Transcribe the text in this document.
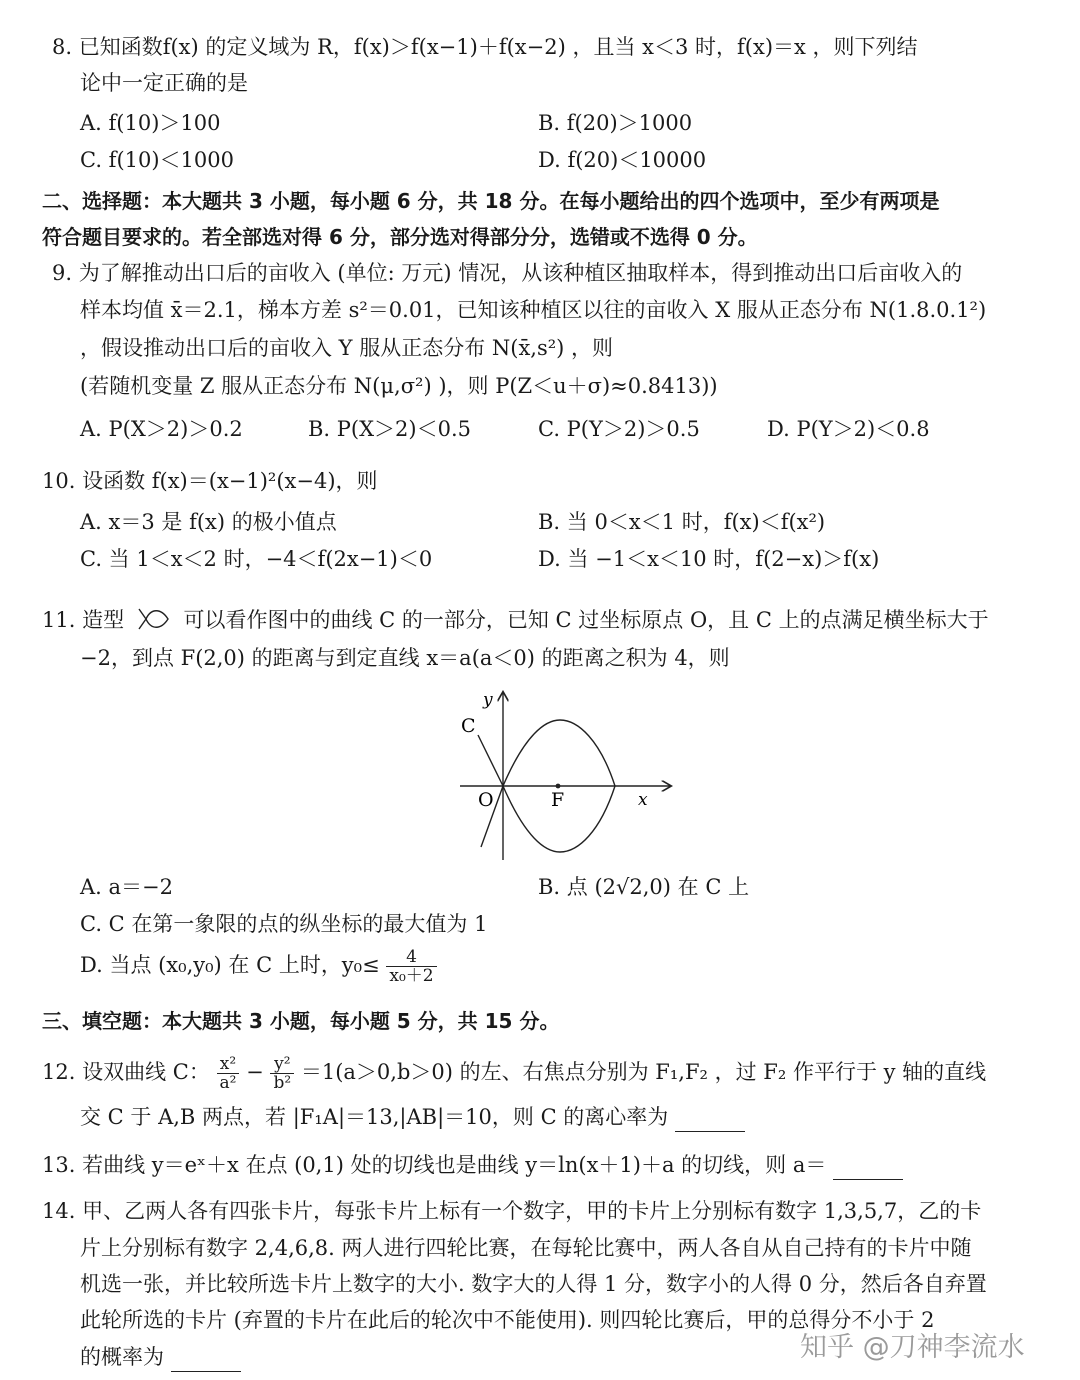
8. 已知函数f(x) 的定义域为 R，f(x)＞f(x−1)＋f(x−2) ，且当 x＜3 时，f(x)＝x ，则下列结
论中一定正确的是
A. f(10)＞100	B. f(20)＞1000
C. f(10)＜1000	D. f(20)＜10000
二、选择题：本大题共 3 小题，每小题 6 分，共 18 分。在每小题给出的四个选项中，至少有两项是
符合题目要求的。若全部选对得 6 分，部分选对得部分分，选错或不选得 0 分。
9. 为了解推动出口后的亩收入 (单位: 万元) 情况，从该种植区抽取样本，得到推动出口后亩收入的
样本均值 x̄＝2.1，梯本方差 s²＝0.01，已知该种植区以往的亩收入 X 服从正态分布 N(1.8.0.1²)
，假设推动出口后的亩收入 Y 服从正态分布 N(x̄,s²) ，则
(若随机变量 Z 服从正态分布 N(μ,σ²) )，则 P(Z＜u＋σ)≈0.8413))
A. P(X＞2)＞0.2	B. P(X＞2)＜0.5	C. P(Y＞2)＞0.5	D. P(Y＞2)＜0.8
10. 设函数 f(x)＝(x−1)²(x−4)，则
A. x＝3 是 f(x) 的极小值点	B. 当 0＜x＜1 时，f(x)＜f(x²)
C. 当 1＜x＜2 时，−4＜f(2x−1)＜0	D. 当 −1＜x＜10 时，f(2−x)＞f(x)
11. 造型	可以看作图中的曲线 C 的一部分，已知 C 过坐标原点 O，且 C 上的点满足横坐标大于
−2，到点 F(2,0) 的距离与到定直线 x＝a(a＜0) 的距离之积为 4，则
y
C
O	F	x
A. a＝−2	B. 点 (2√2,0) 在 C 上
C. C 在第一象限的点的纵坐标的最大值为 1
D. 当点 (x₀,y₀) 在 C 上时，$y_0\le \frac{4}{\text{x₀＋2}}$
三、填空题：本大题共 3 小题，每小题 5 分，共 15 分。
12. 设双曲线 C： $\frac{\text{x²}}{\text{a²}} - \frac{\text{y²}}{\text{b²}} =1(a>0,b>0)$ 的左、右焦点分别为 F₁,F₂ ，过 F₂ 作平行于 y 轴的直线
交 C 于 A,B 两点，若 |F₁A|＝13,|AB|＝10，则 C 的离心率为
13. 若曲线 y＝eˣ＋x 在点 (0,1) 处的切线也是曲线 y＝ln(x＋1)＋a 的切线，则 a＝
14. 甲、乙两人各有四张卡片，每张卡片上标有一个数字，甲的卡片上分别标有数字 1,3,5,7，乙的卡
片上分别标有数字 2,4,6,8. 两人进行四轮比赛，在每轮比赛中，两人各自从自己持有的卡片中随
机选一张，并比较所选卡片上数字的大小. 数字大的人得 1 分，数字小的人得 0 分，然后各自弃置
此轮所选的卡片 (弃置的卡片在此后的轮次中不能使用). 则四轮比赛后，甲的总得分不小于 2
的概率为	知乎 @刀神李流水
